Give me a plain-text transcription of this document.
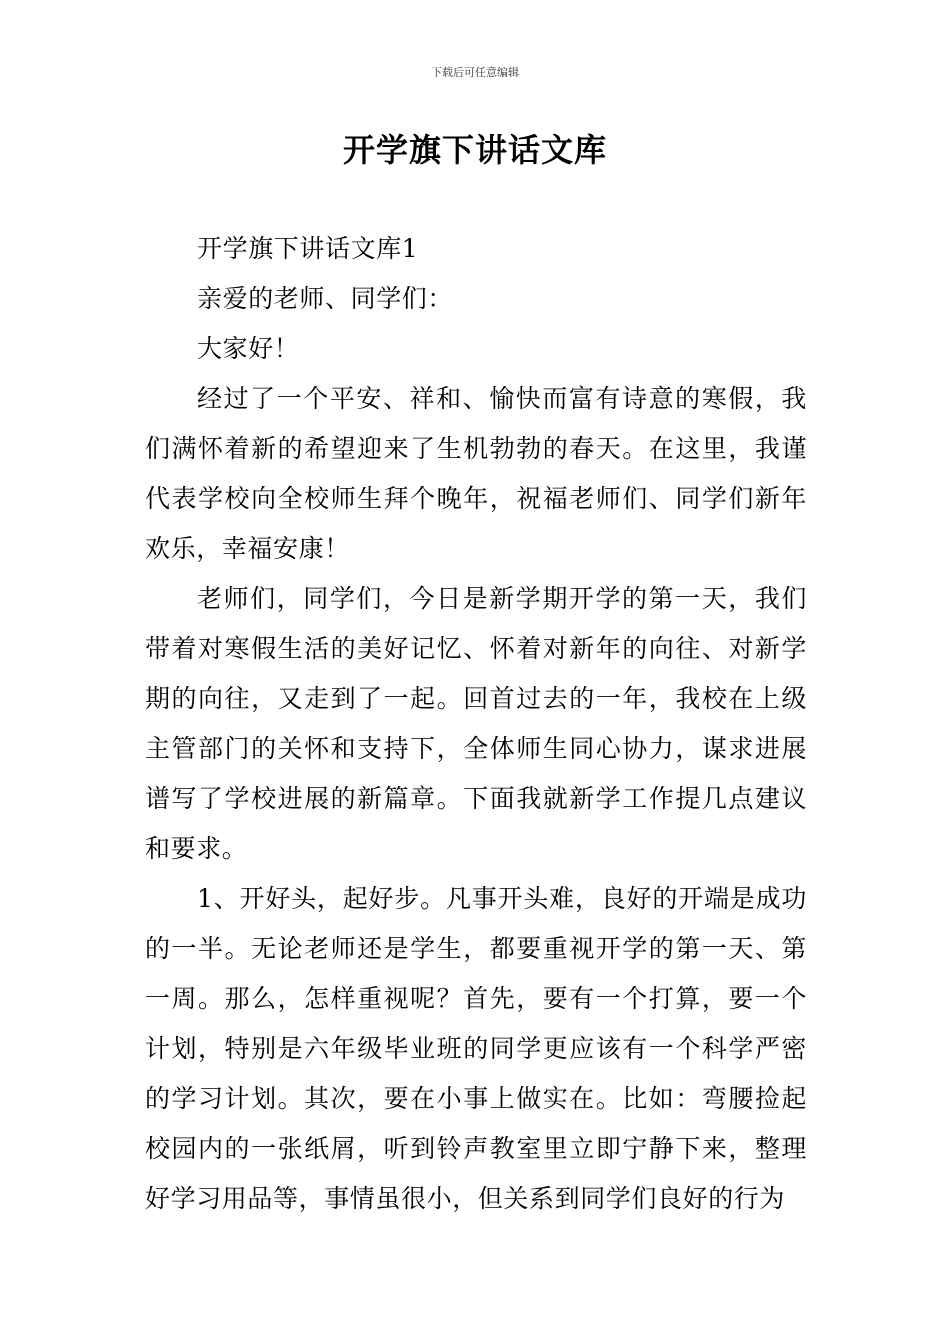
下载后可任意编辑
开学旗下讲话文库

开学旗下讲话文库1

亲爱的老师、同学们：

大家好！

经过了一个平安、祥和、愉快而富有诗意的寒假，我们满怀着新的希望迎来了生机勃勃的春天。在这里，我谨代表学校向全校师生拜个晚年，祝福老师们、同学们新年欢乐，幸福安康！

老师们，同学们，今日是新学期开学的第一天，我们带着对寒假生活的美好记忆、怀着对新年的向往、对新学期的向往，又走到了一起。回首过去的一年，我校在上级主管部门的关怀和支持下，全体师生同心协力，谋求进展谱写了学校进展的新篇章。下面我就新学工作提几点建议和要求。

1、开好头，起好步。凡事开头难，良好的开端是成功的一半。无论老师还是学生，都要重视开学的第一天、第一周。那么，怎样重视呢？首先，要有一个打算，要一个计划，特别是六年级毕业班的同学更应该有一个科学严密的学习计划。其次，要在小事上做实在。比如：弯腰捡起校园内的一张纸屑，听到铃声教室里立即宁静下来，整理好学习用品等，事情虽很小，但关系到同学们良好的行为
